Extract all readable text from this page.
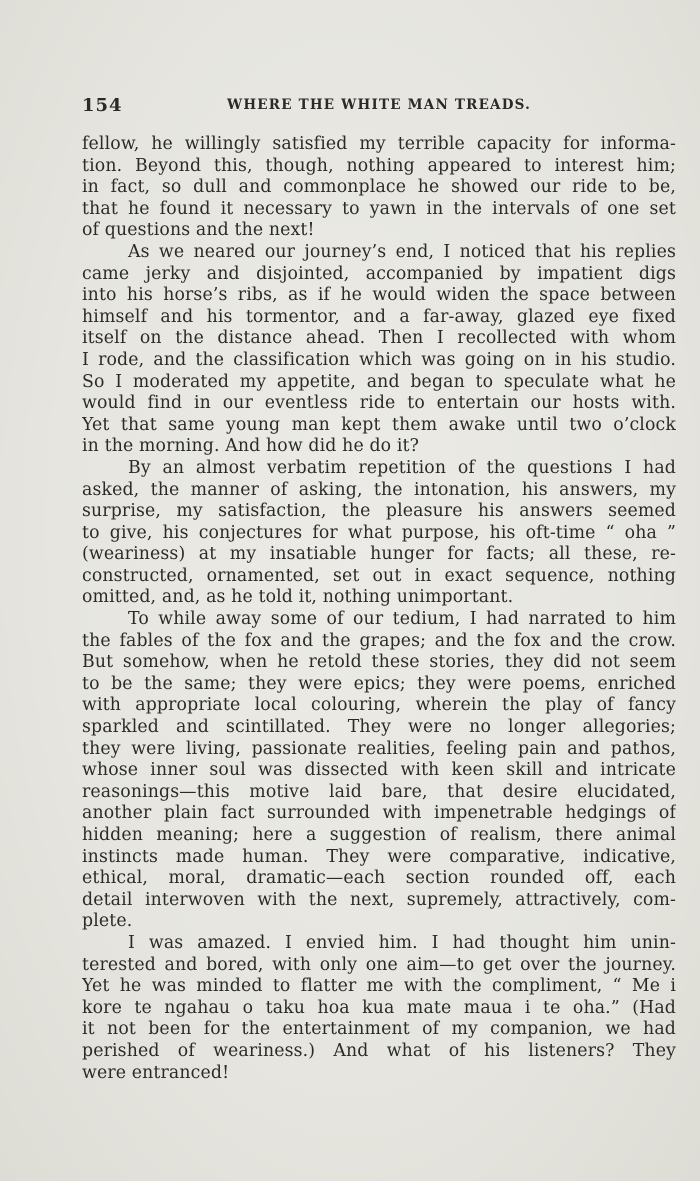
154	WHERE THE WHITE MAN TREADS.
fellow, he willingly satisfied my terrible capacity for informa-
tion. Beyond this, though, nothing appeared to interest him;
in fact, so dull and commonplace he showed our ride to be,
that he found it necessary to yawn in the intervals of one set
of questions and the next!
As we neared our journey’s end, I noticed that his replies
came jerky and disjointed, accompanied by impatient digs
into his horse’s ribs, as if he would widen the space between
himself and his tormentor, and a far-away, glazed eye fixed
itself on the distance ahead. Then I recollected with whom
I rode, and the classification which was going on in his studio.
So I moderated my appetite, and began to speculate what he
would find in our eventless ride to entertain our hosts with.
Yet that same young man kept them awake until two o’clock
in the morning. And how did he do it?
By an almost verbatim repetition of the questions I had
asked, the manner of asking, the intonation, his answers, my
surprise, my satisfaction, the pleasure his answers seemed
to give, his conjectures for what purpose, his oft-time “ oha ”
(weariness) at my insatiable hunger for facts; all these, re-
constructed, ornamented, set out in exact sequence, nothing
omitted, and, as he told it, nothing unimportant.
To while away some of our tedium, I had narrated to him
the fables of the fox and the grapes; and the fox and the crow.
But somehow, when he retold these stories, they did not seem
to be the same; they were epics; they were poems, enriched
with appropriate local colouring, wherein the play of fancy
sparkled and scintillated. They were no longer allegories;
they were living, passionate realities, feeling pain and pathos,
whose inner soul was dissected with keen skill and intricate
reasonings—this motive laid bare, that desire elucidated,
another plain fact surrounded with impenetrable hedgings of
hidden meaning; here a suggestion of realism, there animal
instincts made human. They were comparative, indicative,
ethical, moral, dramatic—each section rounded off, each
detail interwoven with the next, supremely, attractively, com-
plete.
I was amazed. I envied him. I had thought him unin-
terested and bored, with only one aim—to get over the journey.
Yet he was minded to flatter me with the compliment, “ Me i
kore te ngahau o taku hoa kua mate maua i te oha.” (Had
it not been for the entertainment of my companion, we had
perished of weariness.) And what of his listeners? They
were entranced!
